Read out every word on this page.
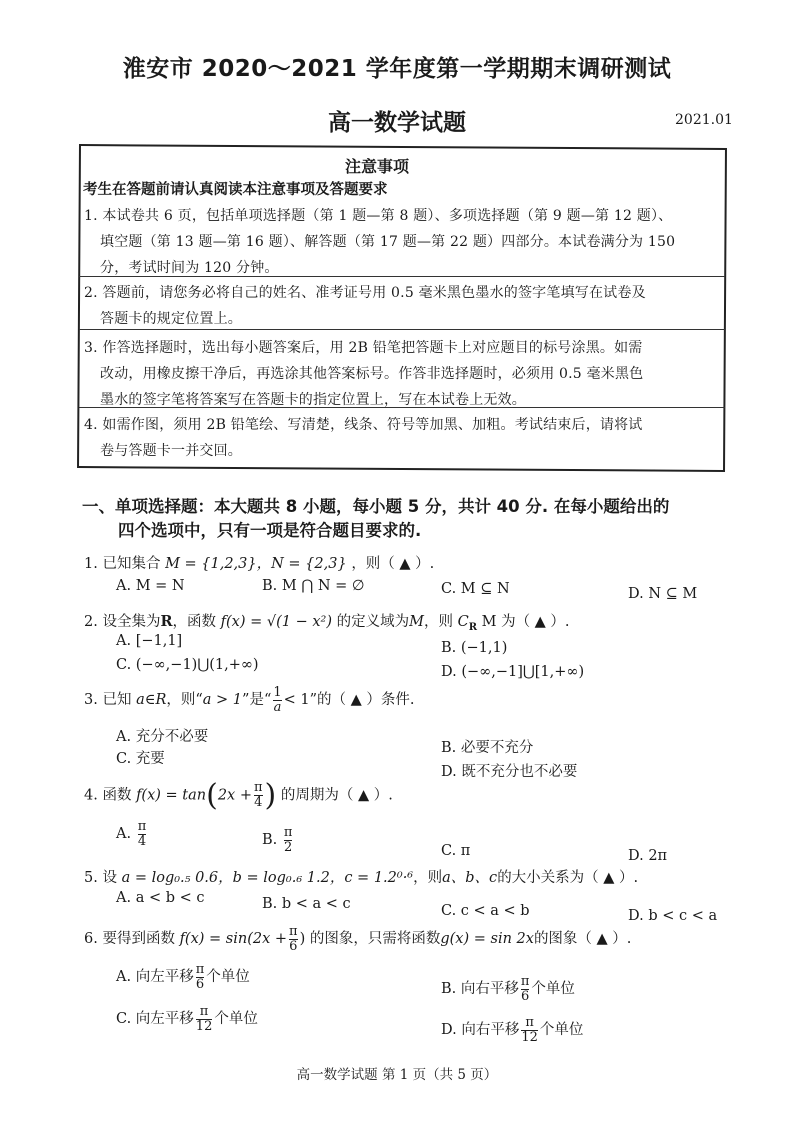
淮安市 2020～2021 学年度第一学期期末调研测试
高一数学试题	2021.01
注意事项
考生在答题前请认真阅读本注意事项及答题要求
1. 本试卷共 6 页，包括单项选择题（第 1 题—第 8 题）、多项选择题（第 9 题—第 12 题）、
填空题（第 13 题—第 16 题）、解答题（第 17 题—第 22 题）四部分。本试卷满分为 150
分，考试时间为 120 分钟。
2. 答题前，请您务必将自己的姓名、准考证号用 0.5 毫米黑色墨水的签字笔填写在试卷及
答题卡的规定位置上。
3. 作答选择题时，选出每小题答案后，用 2B 铅笔把答题卡上对应题目的标号涂黑。如需
改动，用橡皮擦干净后，再选涂其他答案标号。作答非选择题时，必须用 0.5 毫米黑色
墨水的签字笔将答案写在答题卡的指定位置上，写在本试卷上无效。
4. 如需作图，须用 2B 铅笔绘、写清楚，线条、符号等加黑、加粗。考试结束后，请将试
卷与答题卡一并交回。
一、单项选择题：本大题共 8 小题，每小题 5 分，共计 40 分. 在每小题给出的
四个选项中，只有一项是符合题目要求的.
1. 已知集合 M = {1,2,3}，N = {2,3} ，则（ ▲ ）.
A. M = N	B. M ⋂ N = ∅	C. M ⊆ N	D. N ⊆ M
2. 设全集为R，函数 f(x) = √(1 − x²) 的定义域为M，则 $C_R$ M 为（ ▲ ）.
A. [−1,1]	B. (−1,1)
C. (−∞,−1)⋃(1,+∞)	D. (−∞,−1]⋃[1,+∞)
3. 已知 a∈R，则“a > 1”是“ $\frac{1}{a} < 1$”的（ ▲ ）条件.
A. 充分不必要
B. 必要不充分
C. 充要
D. 既不充分也不必要
4. 函数 $f(x) = \tan(2x + \frac{\pi}{4}$ ) 的周期为（ ▲ ）.
A. $\frac{\pi}{4}$	B. $\frac{\pi}{2}$	C. π	D. 2π
5. 设 a = log₀.₅ 0.6，b = log₀.₆ 1.2，c = 1.2⁰·⁶，则a、b、c的大小关系为（ ▲ ）.
A. a < b < c	B. b < a < c	C. c < a < b	D. b < c < a
6. 要得到函数 $f(x) = \sin(2x + \frac{\pi}{6}$ ) 的图象，只需将函数g(x) = sin 2x的图象（ ▲ ）.
A. 向左平移 $\frac{\pi}{6}$ 个单位
B. 向右平移 $\frac{\pi}{6}$ 个单位
C. 向左平移 $\frac{\pi}{12}$ 个单位
D. 向右平移 $\frac{\pi}{12}$ 个单位
高一数学试题 第 1 页（共 5 页）
